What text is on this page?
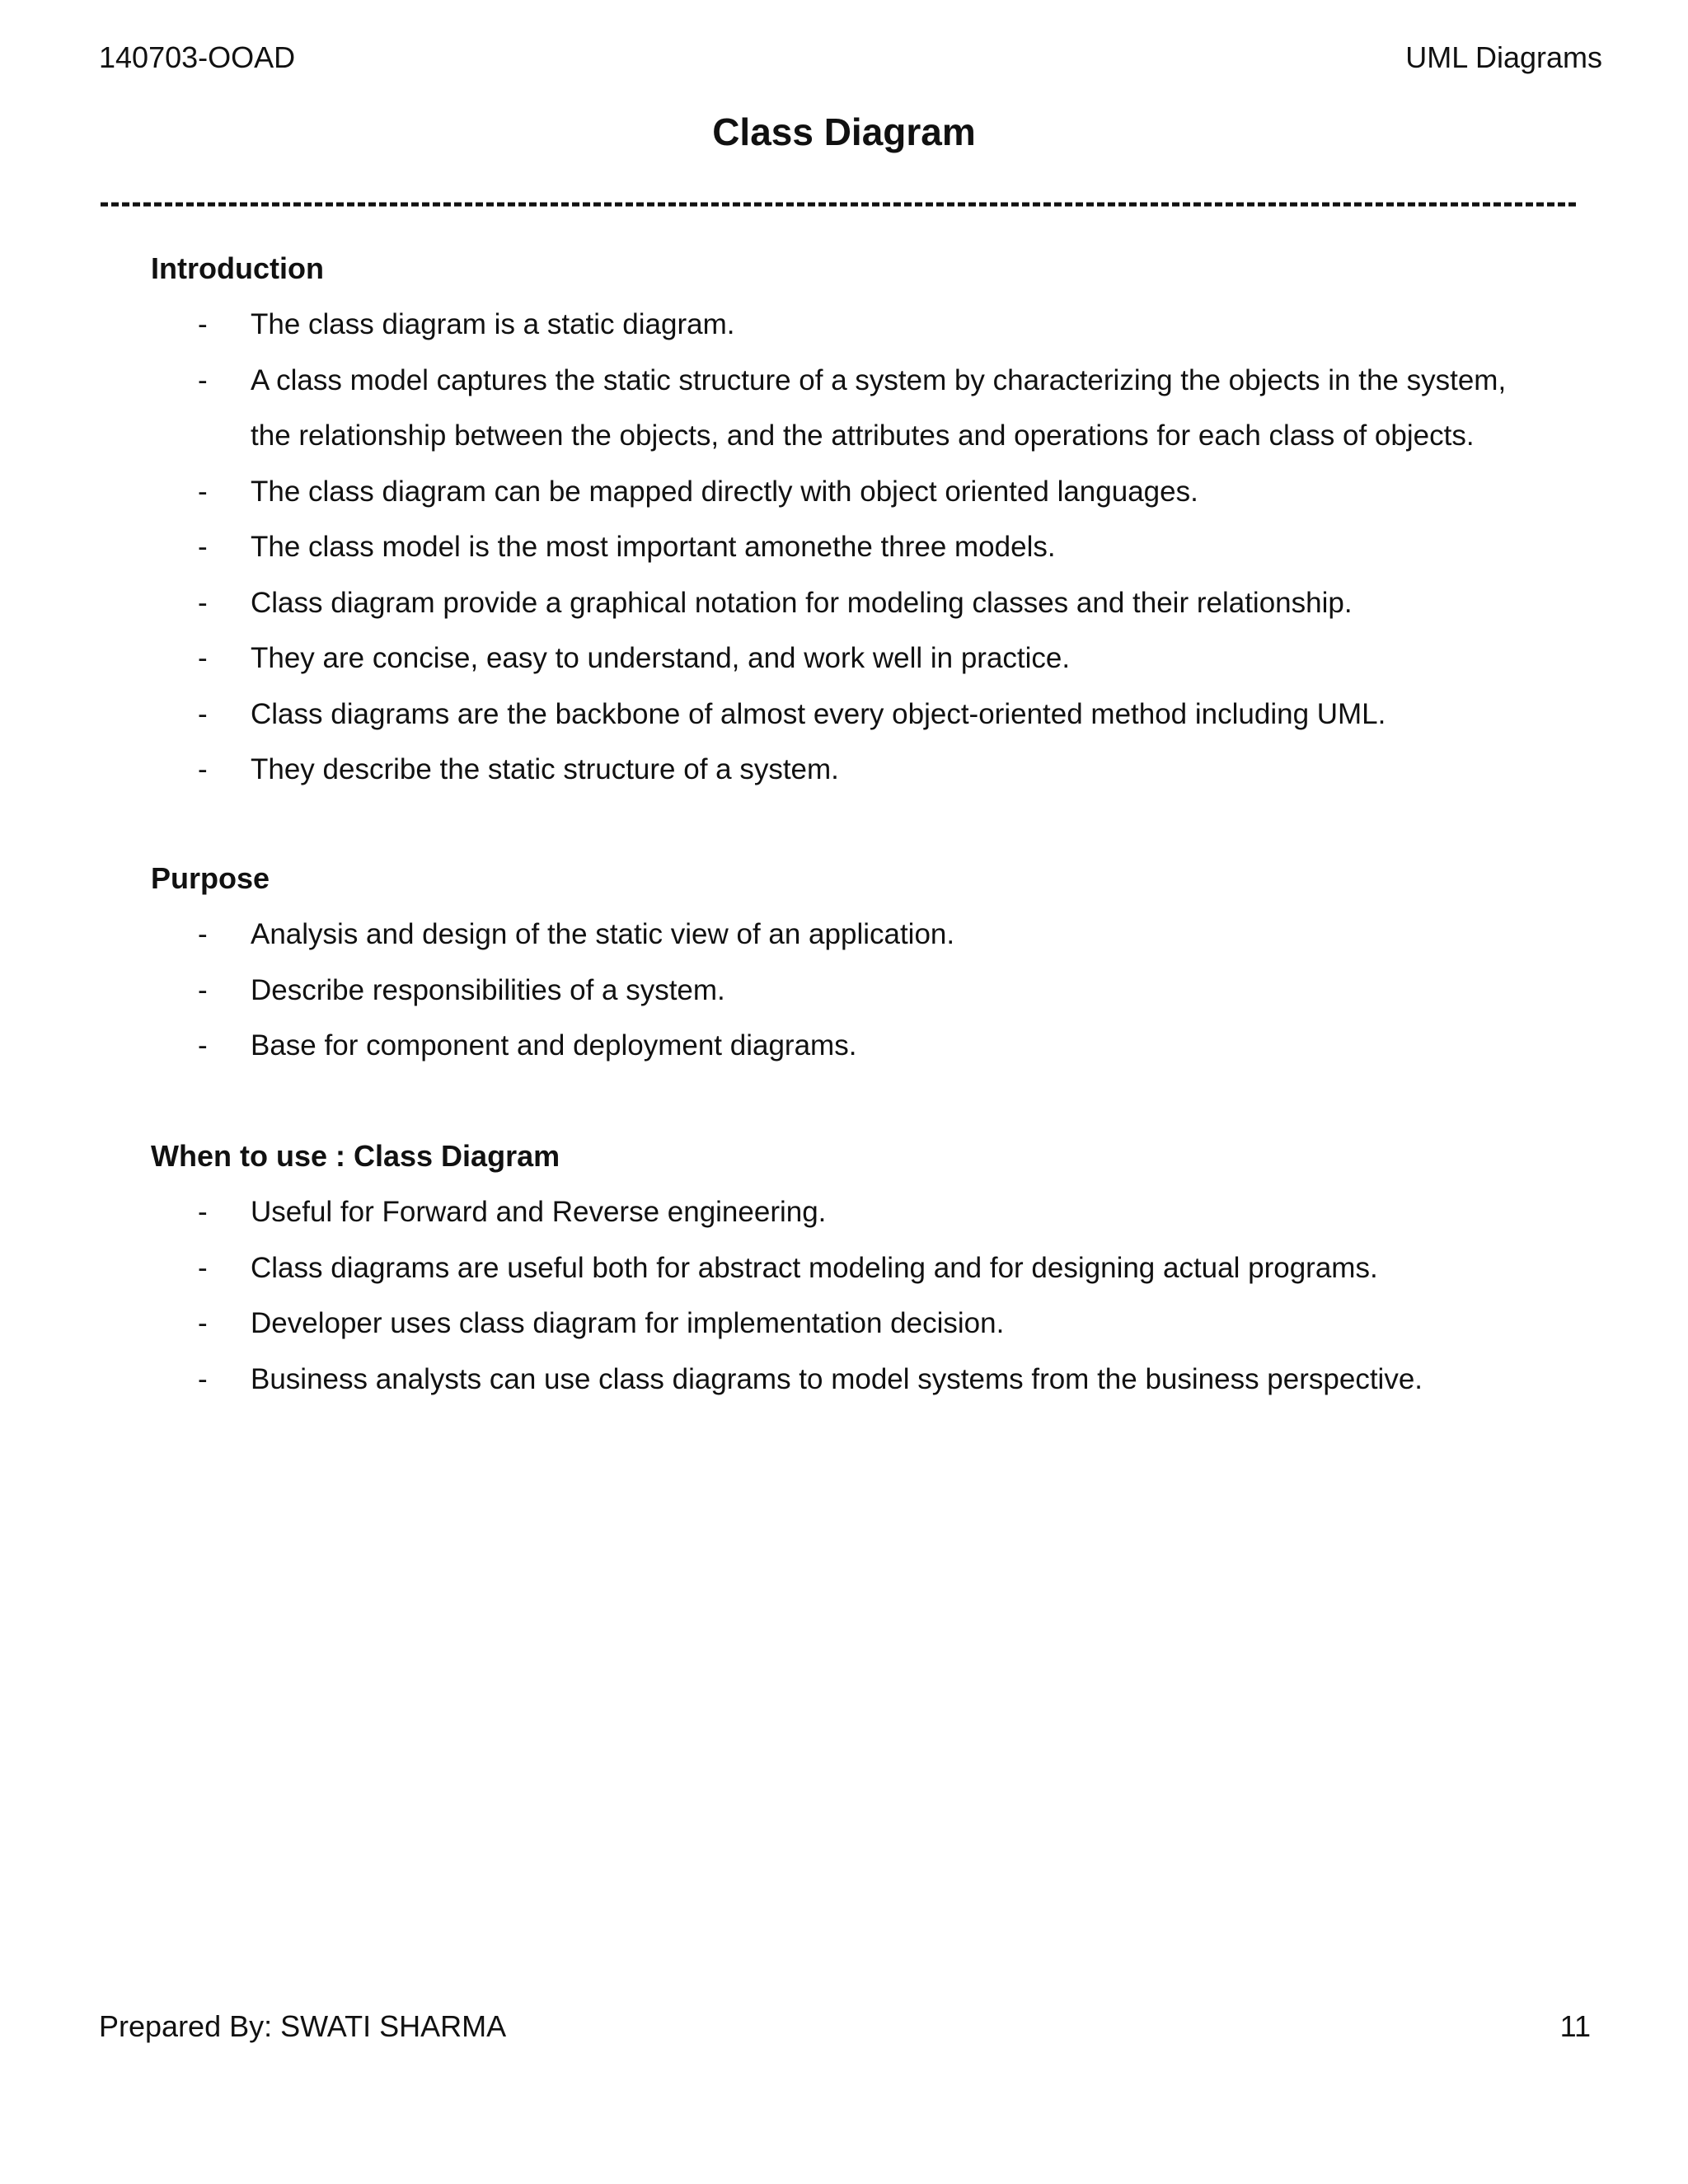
140703-OOAD	UML Diagrams
Class Diagram
Introduction
-	The class diagram is a static diagram.
-	A class model captures the static structure of a system by characterizing the objects in the system, the relationship between the objects, and the attributes and operations for each class of objects.
-	The class diagram can be mapped directly with object oriented languages.
-	The class model is the most important amonethe three models.
-	Class diagram provide a graphical notation for modeling classes and their relationship.
-	They are concise, easy to understand, and work well in practice.
-	Class diagrams are the backbone of almost every object-oriented method including UML.
-	They describe the static structure of a system.
Purpose
-	Analysis and design of the static view of an application.
-	Describe responsibilities of a system.
-	Base for component and deployment diagrams.
When to use : Class Diagram
-	Useful for Forward and Reverse engineering.
-	Class diagrams are useful both for abstract modeling and for designing actual programs.
-	Developer uses class diagram for implementation decision.
-	Business analysts can use class diagrams to model systems from the business perspective.
Prepared By: SWATI SHARMA	11
